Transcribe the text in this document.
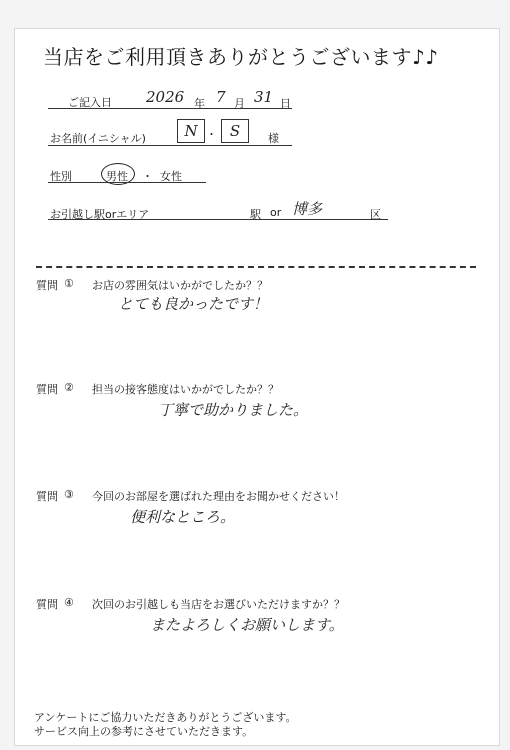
当店をご利用頂きありがとうございます♪♪
ご記入日 2026 年 7 月 31 日
お名前(イニシャル)	N ・ S	様
性別	男性 ・ 女性
お引越し駅orエリア	駅 or 博多	区
質問 ① お店の雰囲気はいかがでしたか？？
とても良かったです！
質問 ② 担当の接客態度はいかがでしたか？？
丁寧で助かりました。
質問 ③ 今回のお部屋を選ばれた理由をお聞かせください！
便利なところ。
質問 ④ 次回のお引越しも当店をお選びいただけますか？？
またよろしくお願いします。
アンケートにご協力いただきありがとうございます。
サービス向上の参考にさせていただきます。
